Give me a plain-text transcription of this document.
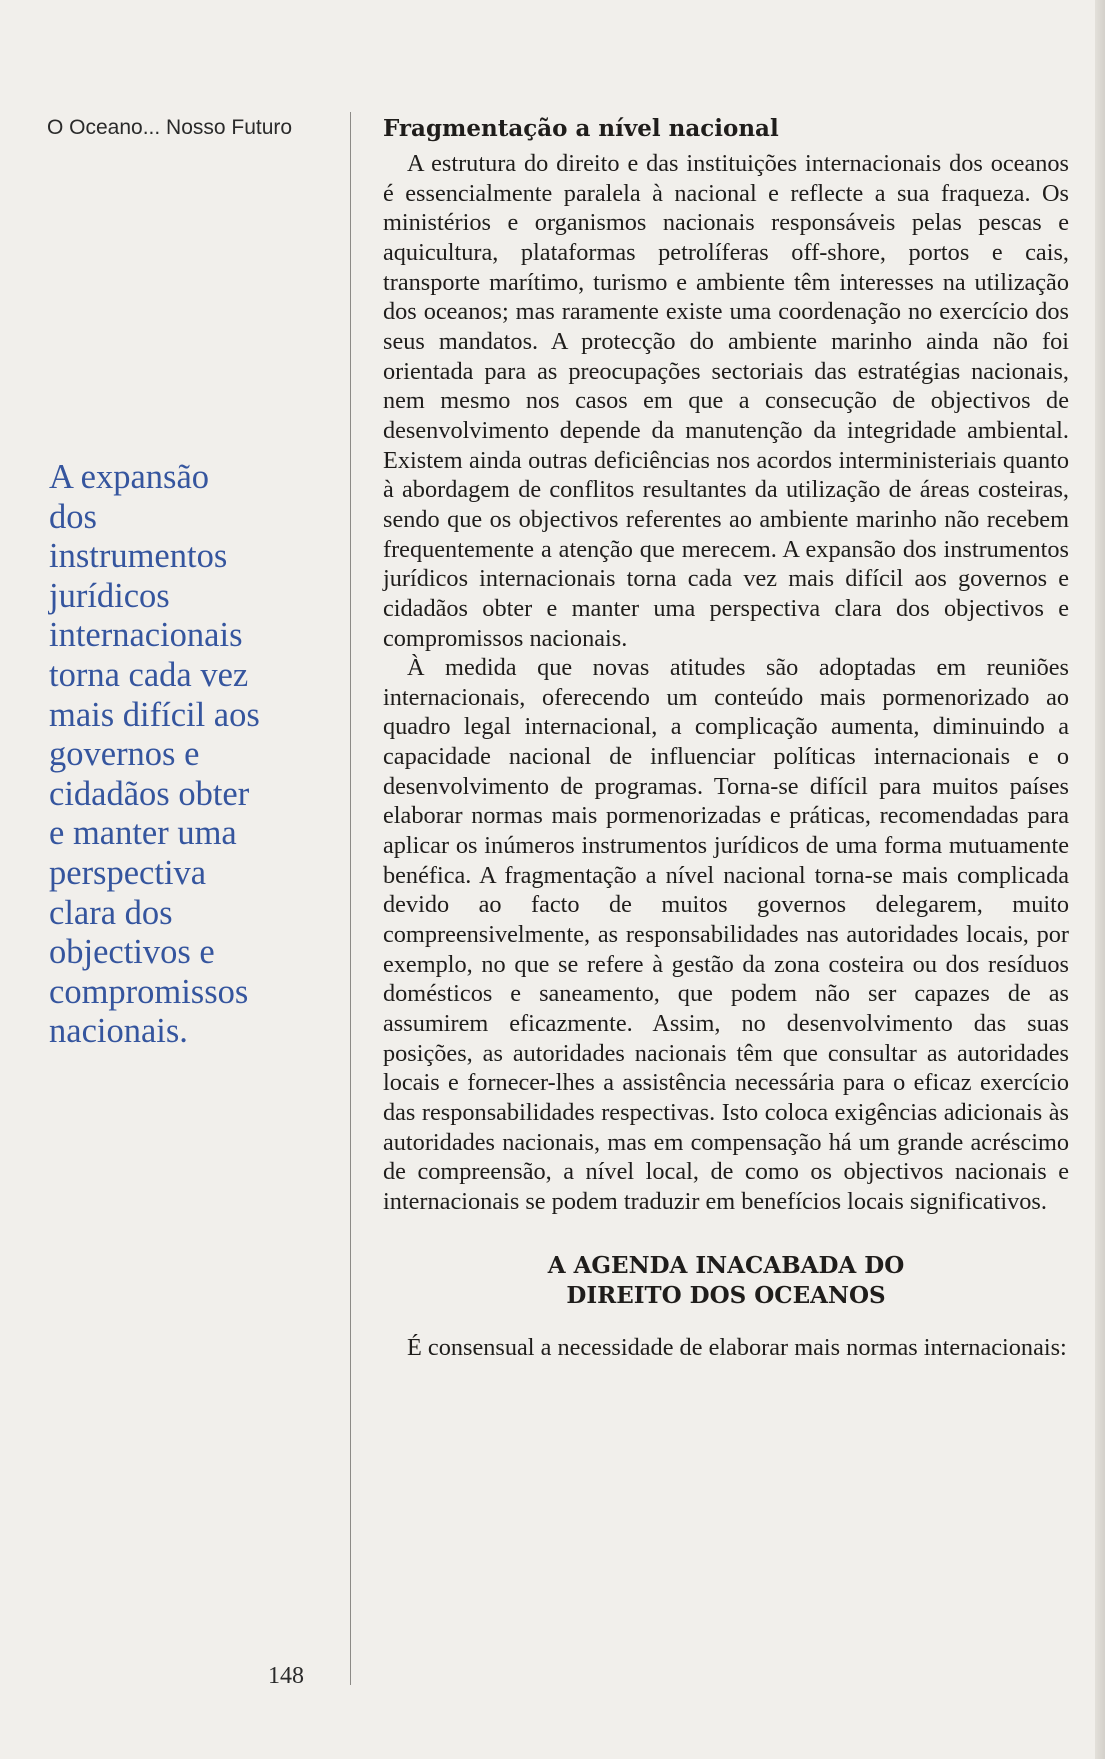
O Oceano... Nosso Futuro

A expansão
dos
instrumentos
jurídicos
internacionais
torna cada vez
mais difícil aos
governos e
cidadãos obter
e manter uma
perspectiva
clara dos
objectivos e
compromissos
nacionais.

148

Fragmentação a nível nacional

A estrutura do direito e das instituições internacionais dos oceanos é essencialmente paralela à nacional e reflecte a sua fraqueza. Os ministérios e organismos nacionais responsáveis pelas pescas e aquicultura, plataformas petrolíferas off-shore, portos e cais, transporte marítimo, turismo e ambiente têm interesses na utilização dos oceanos; mas raramente existe uma coordenação no exercício dos seus mandatos. A protecção do ambiente marinho ainda não foi orientada para as preocupações sectoriais das estratégias nacionais, nem mesmo nos casos em que a consecução de objectivos de desenvolvimento depende da manutenção da integridade ambiental. Existem ainda outras deficiências nos acordos interministeriais quanto à abordagem de conflitos resultantes da utilização de áreas costeiras, sendo que os objectivos referentes ao ambiente marinho não recebem frequentemente a atenção que merecem. A expansão dos instrumentos jurídicos internacionais torna cada vez mais difícil aos governos e cidadãos obter e manter uma perspectiva clara dos objectivos e compromissos nacionais.

À medida que novas atitudes são adoptadas em reuniões internacionais, oferecendo um conteúdo mais pormenorizado ao quadro legal internacional, a complicação aumenta, diminuindo a capacidade nacional de influenciar políticas internacionais e o desenvolvimento de programas. Torna-se difícil para muitos países elaborar normas mais pormenorizadas e práticas, recomendadas para aplicar os inúmeros instrumentos jurídicos de uma forma mutuamente benéfica. A fragmentação a nível nacional torna-se mais complicada devido ao facto de muitos governos delegarem, muito compreensivelmente, as responsabilidades nas autoridades locais, por exemplo, no que se refere à gestão da zona costeira ou dos resíduos domésticos e saneamento, que podem não ser capazes de as assumirem eficazmente. Assim, no desenvolvimento das suas posições, as autoridades nacionais têm que consultar as autoridades locais e fornecer-lhes a assistência necessária para o eficaz exercício das responsabilidades respectivas. Isto coloca exigências adicionais às autoridades nacionais, mas em compensação há um grande acréscimo de compreensão, a nível local, de como os objectivos nacionais e internacionais se podem traduzir em benefícios locais significativos.

A AGENDA INACABADA DO
DIREITO DOS OCEANOS

É consensual a necessidade de elaborar mais normas internacionais:
